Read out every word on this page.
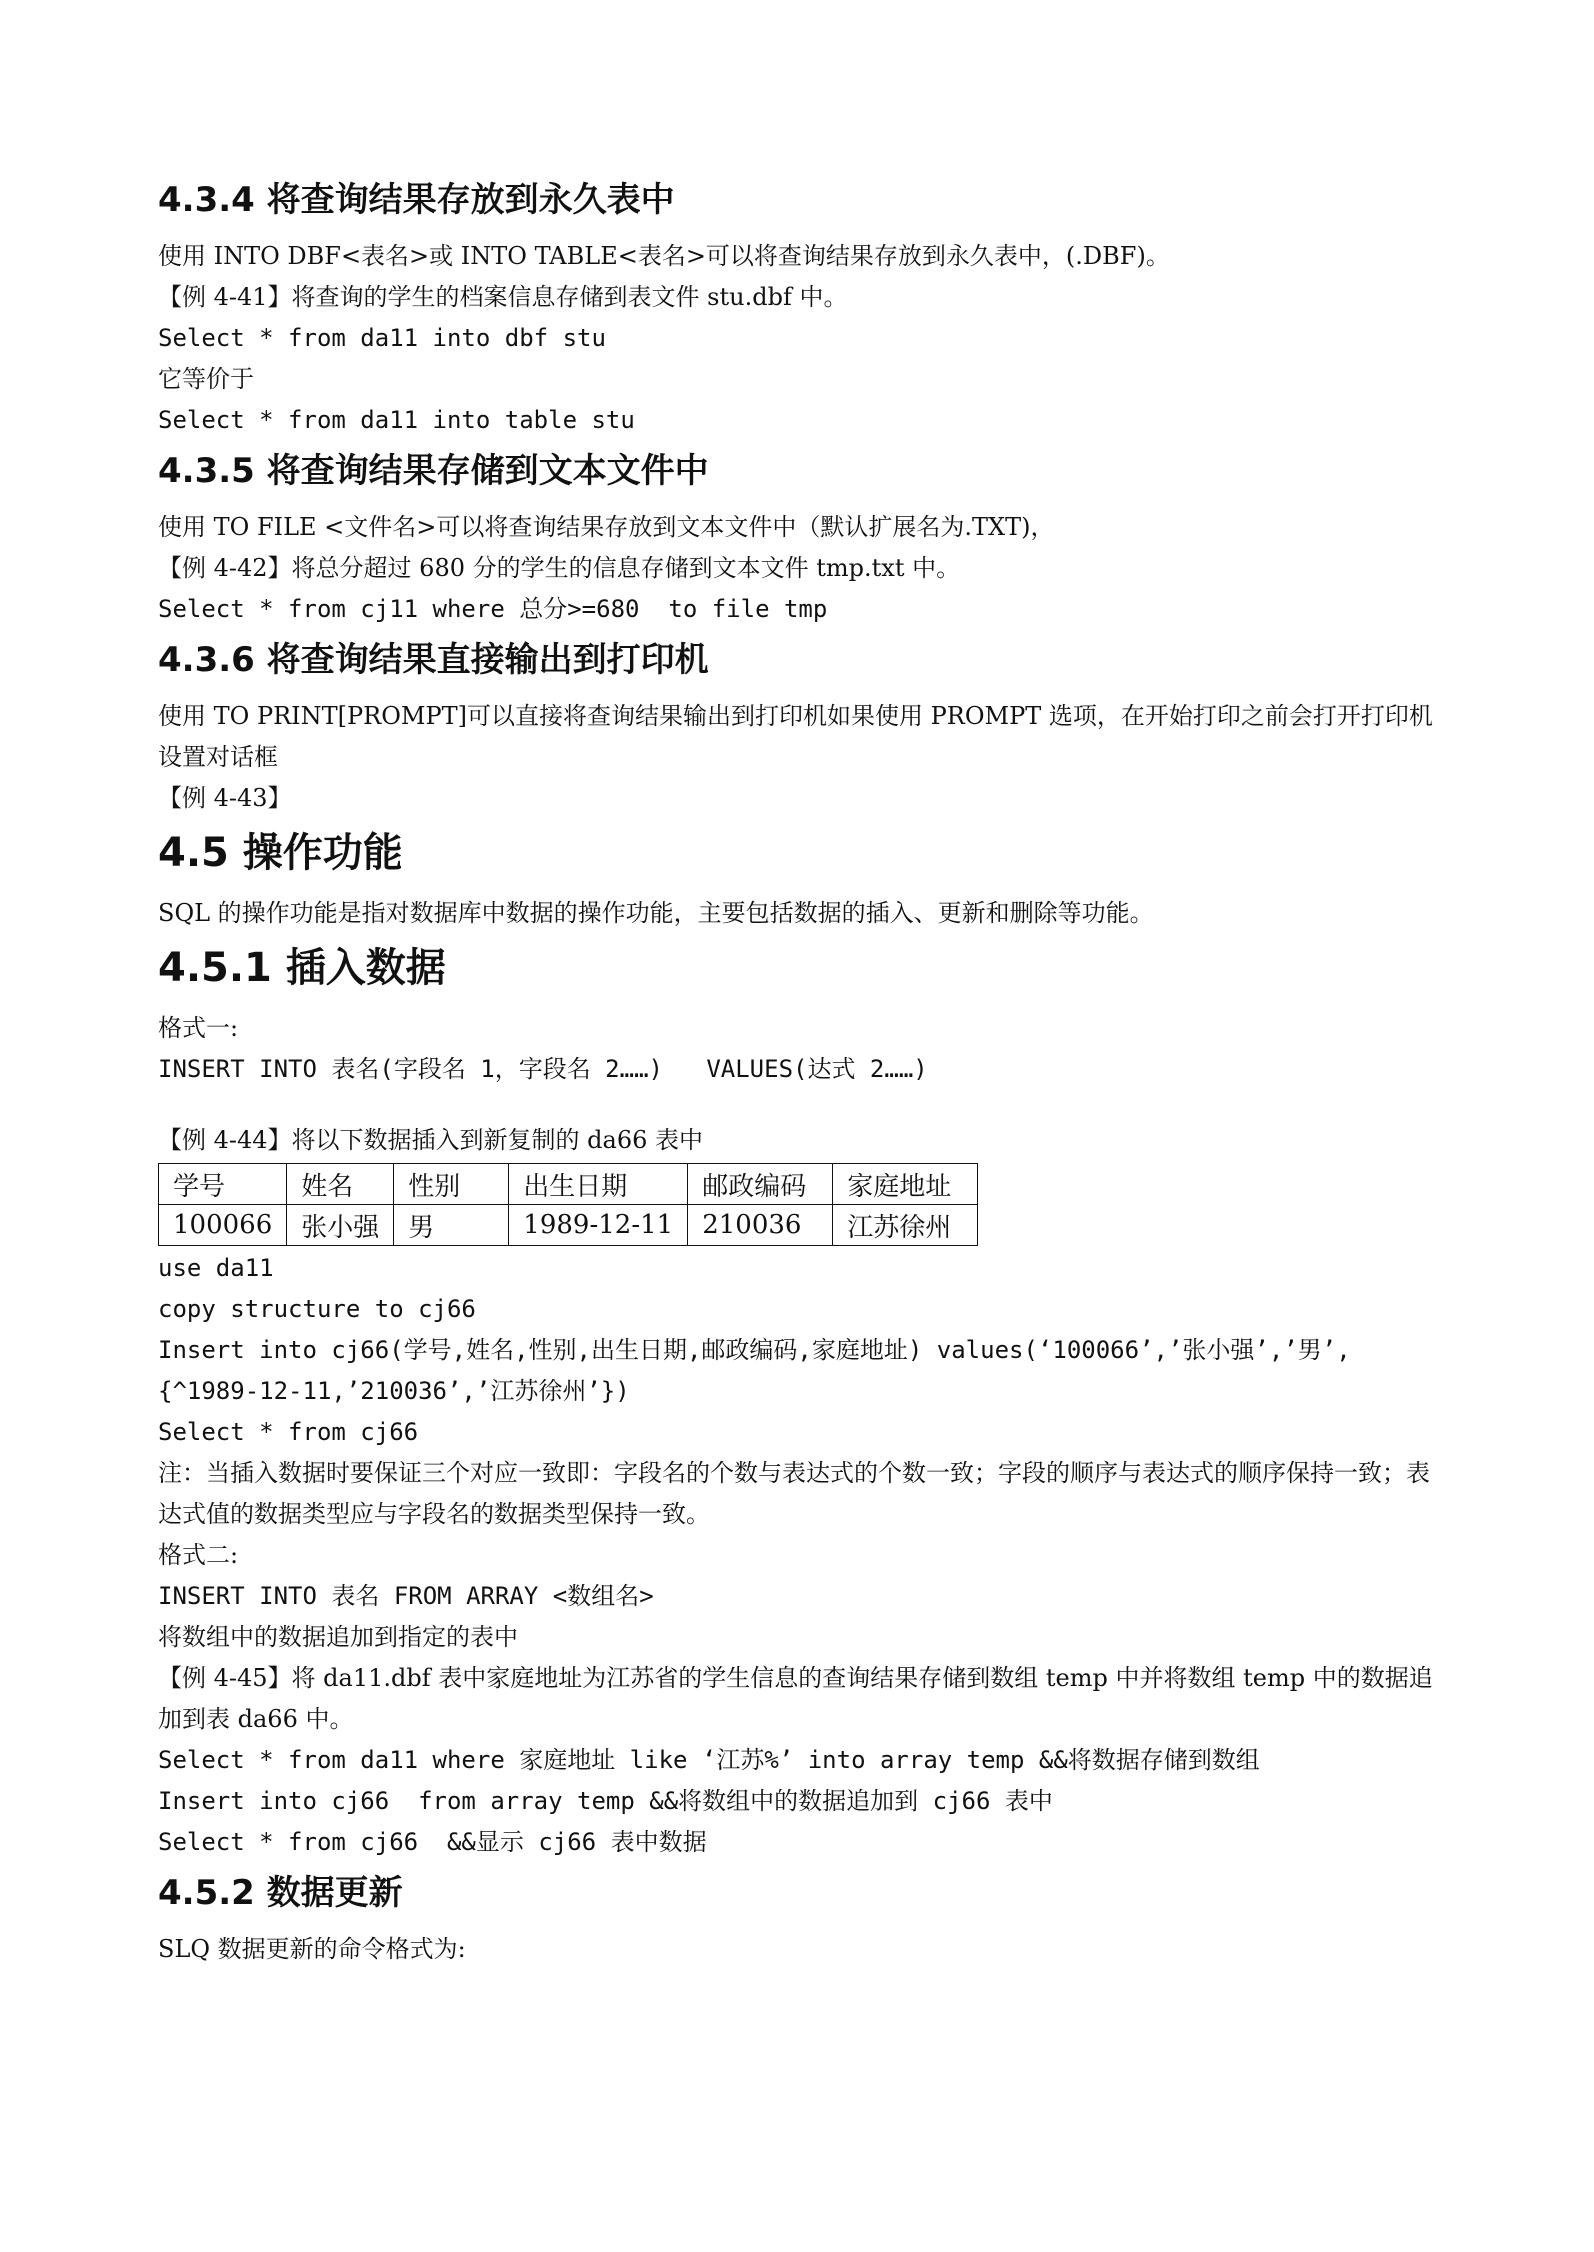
4.3.4 将查询结果存放到永久表中

使用 INTO DBF<表名>或 INTO TABLE<表名>可以将查询结果存放到永久表中，(.DBF)。

【例 4-41】将查询的学生的档案信息存储到表文件 stu.dbf 中。

Select * from da11 into dbf stu

它等价于

Select * from da11 into table stu

4.3.5 将查询结果存储到文本文件中

使用 TO FILE <文件名>可以将查询结果存放到文本文件中（默认扩展名为.TXT)，

【例 4-42】将总分超过 680 分的学生的信息存储到文本文件 tmp.txt 中。

Select * from cj11 where 总分>=680  to file tmp

4.3.6 将查询结果直接输出到打印机

使用 TO PRINT[PROMPT]可以直接将查询结果输出到打印机如果使用 PROMPT 选项，在开始打印之前会打开打印机设置对话框

【例 4-43】

4.5 操作功能

SQL 的操作功能是指对数据库中数据的操作功能，主要包括数据的插入、更新和删除等功能。

4.5.1 插入数据

格式一:

INSERT INTO 表名(字段名 1，字段名 2……)   VALUES(达式 2……)

【例 4-44】将以下数据插入到新复制的 da66 表中

学号	姓名	性别	出生日期	邮政编码	家庭地址
100066	张小强	男	1989-12-11	210036	江苏徐州

use da11

copy structure to cj66

Insert into cj66(学号,姓名,性别,出生日期,邮政编码,家庭地址) values(‘100066’,’张小强’,’男’,{^1989-12-11,’210036’,’江苏徐州’})

Select * from cj66

注：当插入数据时要保证三个对应一致即：字段名的个数与表达式的个数一致；字段的顺序与表达式的顺序保持一致；表达式值的数据类型应与字段名的数据类型保持一致。

格式二:

INSERT INTO 表名 FROM ARRAY <数组名>

将数组中的数据追加到指定的表中

【例 4-45】将 da11.dbf 表中家庭地址为江苏省的学生信息的查询结果存储到数组 temp 中并将数组 temp 中的数据追加到表 da66 中。

Select * from da11 where 家庭地址 like ‘江苏%’ into array temp &&将数据存储到数组

Insert into cj66  from array temp &&将数组中的数据追加到 cj66 表中

Select * from cj66  &&显示 cj66 表中数据

4.5.2 数据更新

SLQ 数据更新的命令格式为:
